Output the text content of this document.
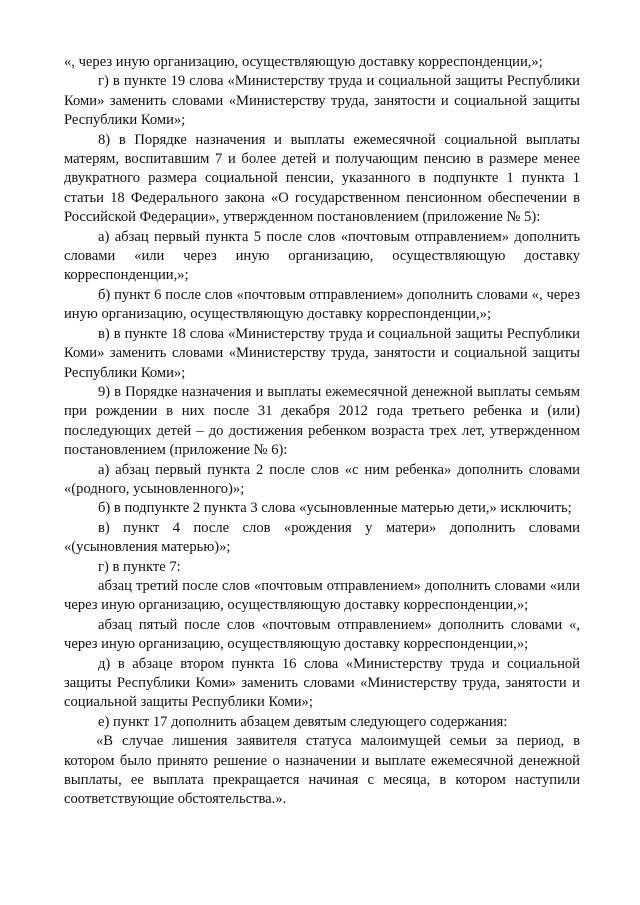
«, через иную организацию, осуществляющую доставку корреспонденции,»;

г) в пункте 19 слова «Министерству труда и социальной защиты Республики Коми» заменить словами «Министерству труда, занятости и социальной защиты Республики Коми»;

8) в Порядке назначения и выплаты ежемесячной социальной выплаты матерям, воспитавшим 7 и более детей и получающим пенсию в размере менее двукратного размера социальной пенсии, указанного в подпункте 1 пункта 1 статьи 18 Федерального закона «О государственном пенсионном обеспечении в Российской Федерации», утвержденном постановлением (приложение № 5):

а) абзац первый пункта 5 после слов «почтовым отправлением» дополнить словами «или через иную организацию, осуществляющую доставку корреспонденции,»;

б) пункт 6 после слов «почтовым отправлением» дополнить словами «, через иную организацию, осуществляющую доставку корреспонденции,»;

в) в пункте 18 слова «Министерству труда и социальной защиты Республики Коми» заменить словами «Министерству труда, занятости и социальной защиты Республики Коми»;

9) в Порядке назначения и выплаты ежемесячной денежной выплаты семьям при рождении в них после 31 декабря 2012 года третьего ребенка и (или) последующих детей – до достижения ребенком возраста трех лет, утвержденном постановлением (приложение № 6):

а) абзац первый пункта 2 после слов «с ним ребенка» дополнить словами «(родного, усыновленного)»;

б) в подпункте 2 пункта 3 слова «усыновленные матерью дети,» исключить;

в) пункт 4 после слов «рождения у матери» дополнить словами «(усыновления матерью)»;

г) в пункте 7:

абзац третий после слов «почтовым отправлением» дополнить словами «или через иную организацию, осуществляющую доставку корреспонденции,»;

абзац пятый после слов «почтовым отправлением» дополнить словами «, через иную организацию, осуществляющую доставку корреспонденции,»;

д) в абзаце втором пункта 16 слова «Министерству труда и социальной защиты Республики Коми» заменить словами «Министерству труда, занятости и социальной защиты Республики Коми»;

е) пункт 17 дополнить абзацем девятым следующего содержания:

«В случае лишения заявителя статуса малоимущей семьи за период, в котором было принято решение о назначении и выплате ежемесячной денежной выплаты, ее выплата прекращается начиная с месяца, в котором наступили соответствующие обстоятельства.».
